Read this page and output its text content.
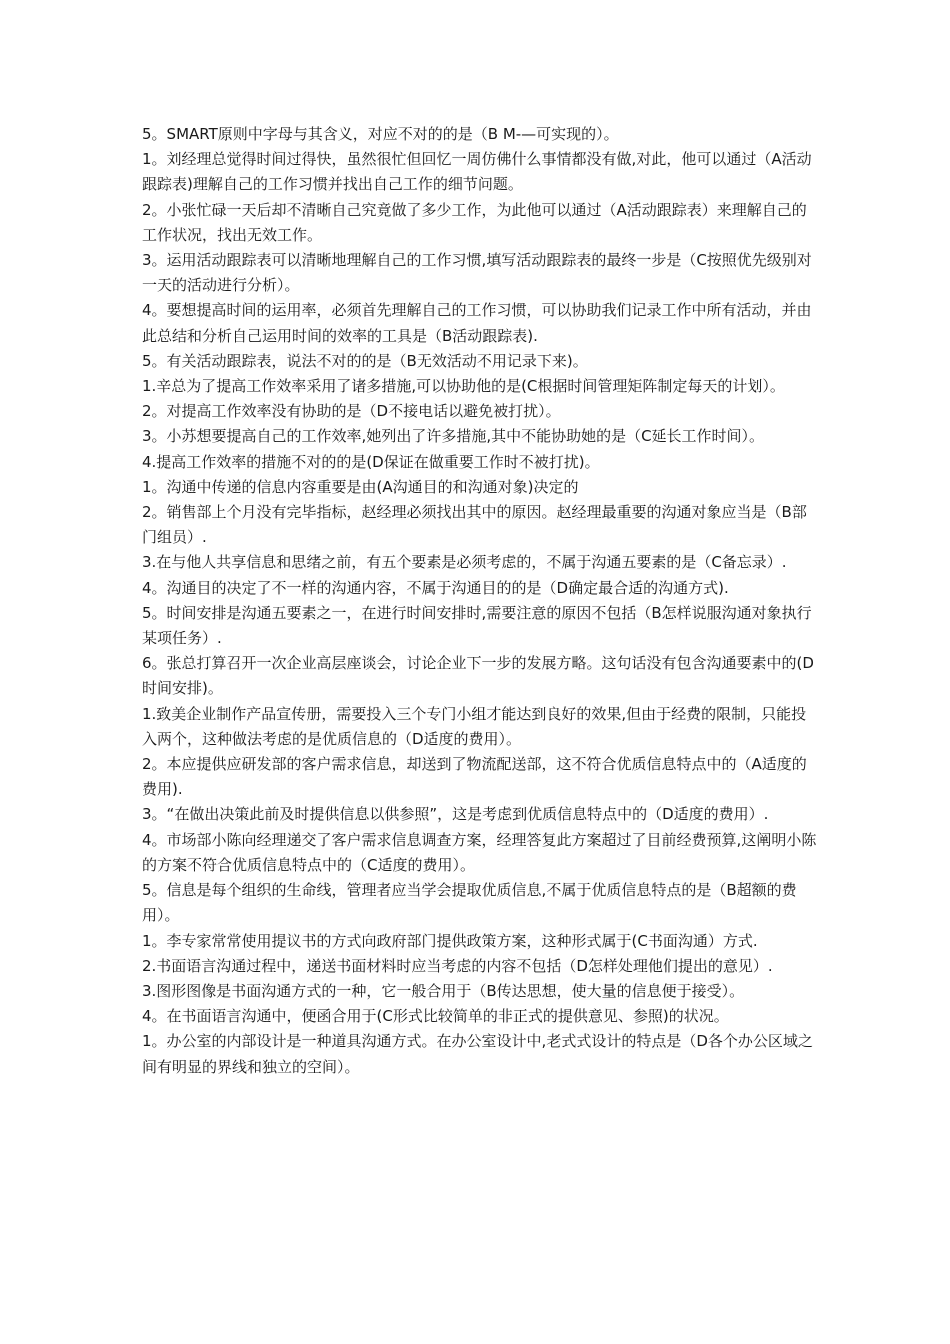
5。SMART原则中字母与其含义，对应不对的的是（B M-—可实现的）。

1。刘经理总觉得时间过得快，虽然很忙但回忆一周仿佛什么事情都没有做,对此，他可以通过（A活动跟踪表)理解自己的工作习惯并找出自己工作的细节问题。

2。小张忙碌一天后却不清晰自己究竟做了多少工作，为此他可以通过（A活动跟踪表）来理解自己的工作状况，找出无效工作。

3。运用活动跟踪表可以清晰地理解自己的工作习惯,填写活动跟踪表的最终一步是（C按照优先级别对一天的活动进行分析）。

4。要想提高时间的运用率，必须首先理解自己的工作习惯，可以协助我们记录工作中所有活动，并由此总结和分析自己运用时间的效率的工具是（B活动跟踪表).

5。有关活动跟踪表，说法不对的的是（B无效活动不用记录下来)。

1.辛总为了提高工作效率采用了诸多措施,可以协助他的是(C根据时间管理矩阵制定每天的计划）。

2。对提高工作效率没有协助的是（D不接电话以避免被打扰）。

3。小苏想要提高自己的工作效率,她列出了许多措施,其中不能协助她的是（C延长工作时间）。

4.提高工作效率的措施不对的的是(D保证在做重要工作时不被打扰)。

1。沟通中传递的信息内容重要是由(A沟通目的和沟通对象)决定的

2。销售部上个月没有完毕指标，赵经理必须找出其中的原因。赵经理最重要的沟通对象应当是（B部门组员）.

3.在与他人共享信息和思绪之前，有五个要素是必须考虑的，不属于沟通五要素的是（C备忘录）.

4。沟通目的决定了不一样的沟通内容，不属于沟通目的的是（D确定最合适的沟通方式).

5。时间安排是沟通五要素之一，在进行时间安排时,需要注意的原因不包括（B怎样说服沟通对象执行某项任务）.

6。张总打算召开一次企业高层座谈会，讨论企业下一步的发展方略。这句话没有包含沟通要素中的(D时间安排)。

1.致美企业制作产品宣传册，需要投入三个专门小组才能达到良好的效果,但由于经费的限制，只能投入两个，这种做法考虑的是优质信息的（D适度的费用）。

2。本应提供应研发部的客户需求信息，却送到了物流配送部，这不符合优质信息特点中的（A适度的费用).

3。“在做出决策此前及时提供信息以供参照”，这是考虑到优质信息特点中的（D适度的费用）.

4。市场部小陈向经理递交了客户需求信息调查方案，经理答复此方案超过了目前经费预算,这阐明小陈的方案不符合优质信息特点中的（C适度的费用）。

5。信息是每个组织的生命线，管理者应当学会提取优质信息,不属于优质信息特点的是（B超额的费用）。

1。李专家常常使用提议书的方式向政府部门提供政策方案，这种形式属于(C书面沟通）方式.

2.书面语言沟通过程中，递送书面材料时应当考虑的内容不包括（D怎样处理他们提出的意见）.

3.图形图像是书面沟通方式的一种，它一般合用于（B传达思想，使大量的信息便于接受）。

4。在书面语言沟通中，便函合用于(C形式比较简单的非正式的提供意见、参照)的状况。

1。办公室的内部设计是一种道具沟通方式。在办公室设计中,老式式设计的特点是（D各个办公区域之间有明显的界线和独立的空间）。
